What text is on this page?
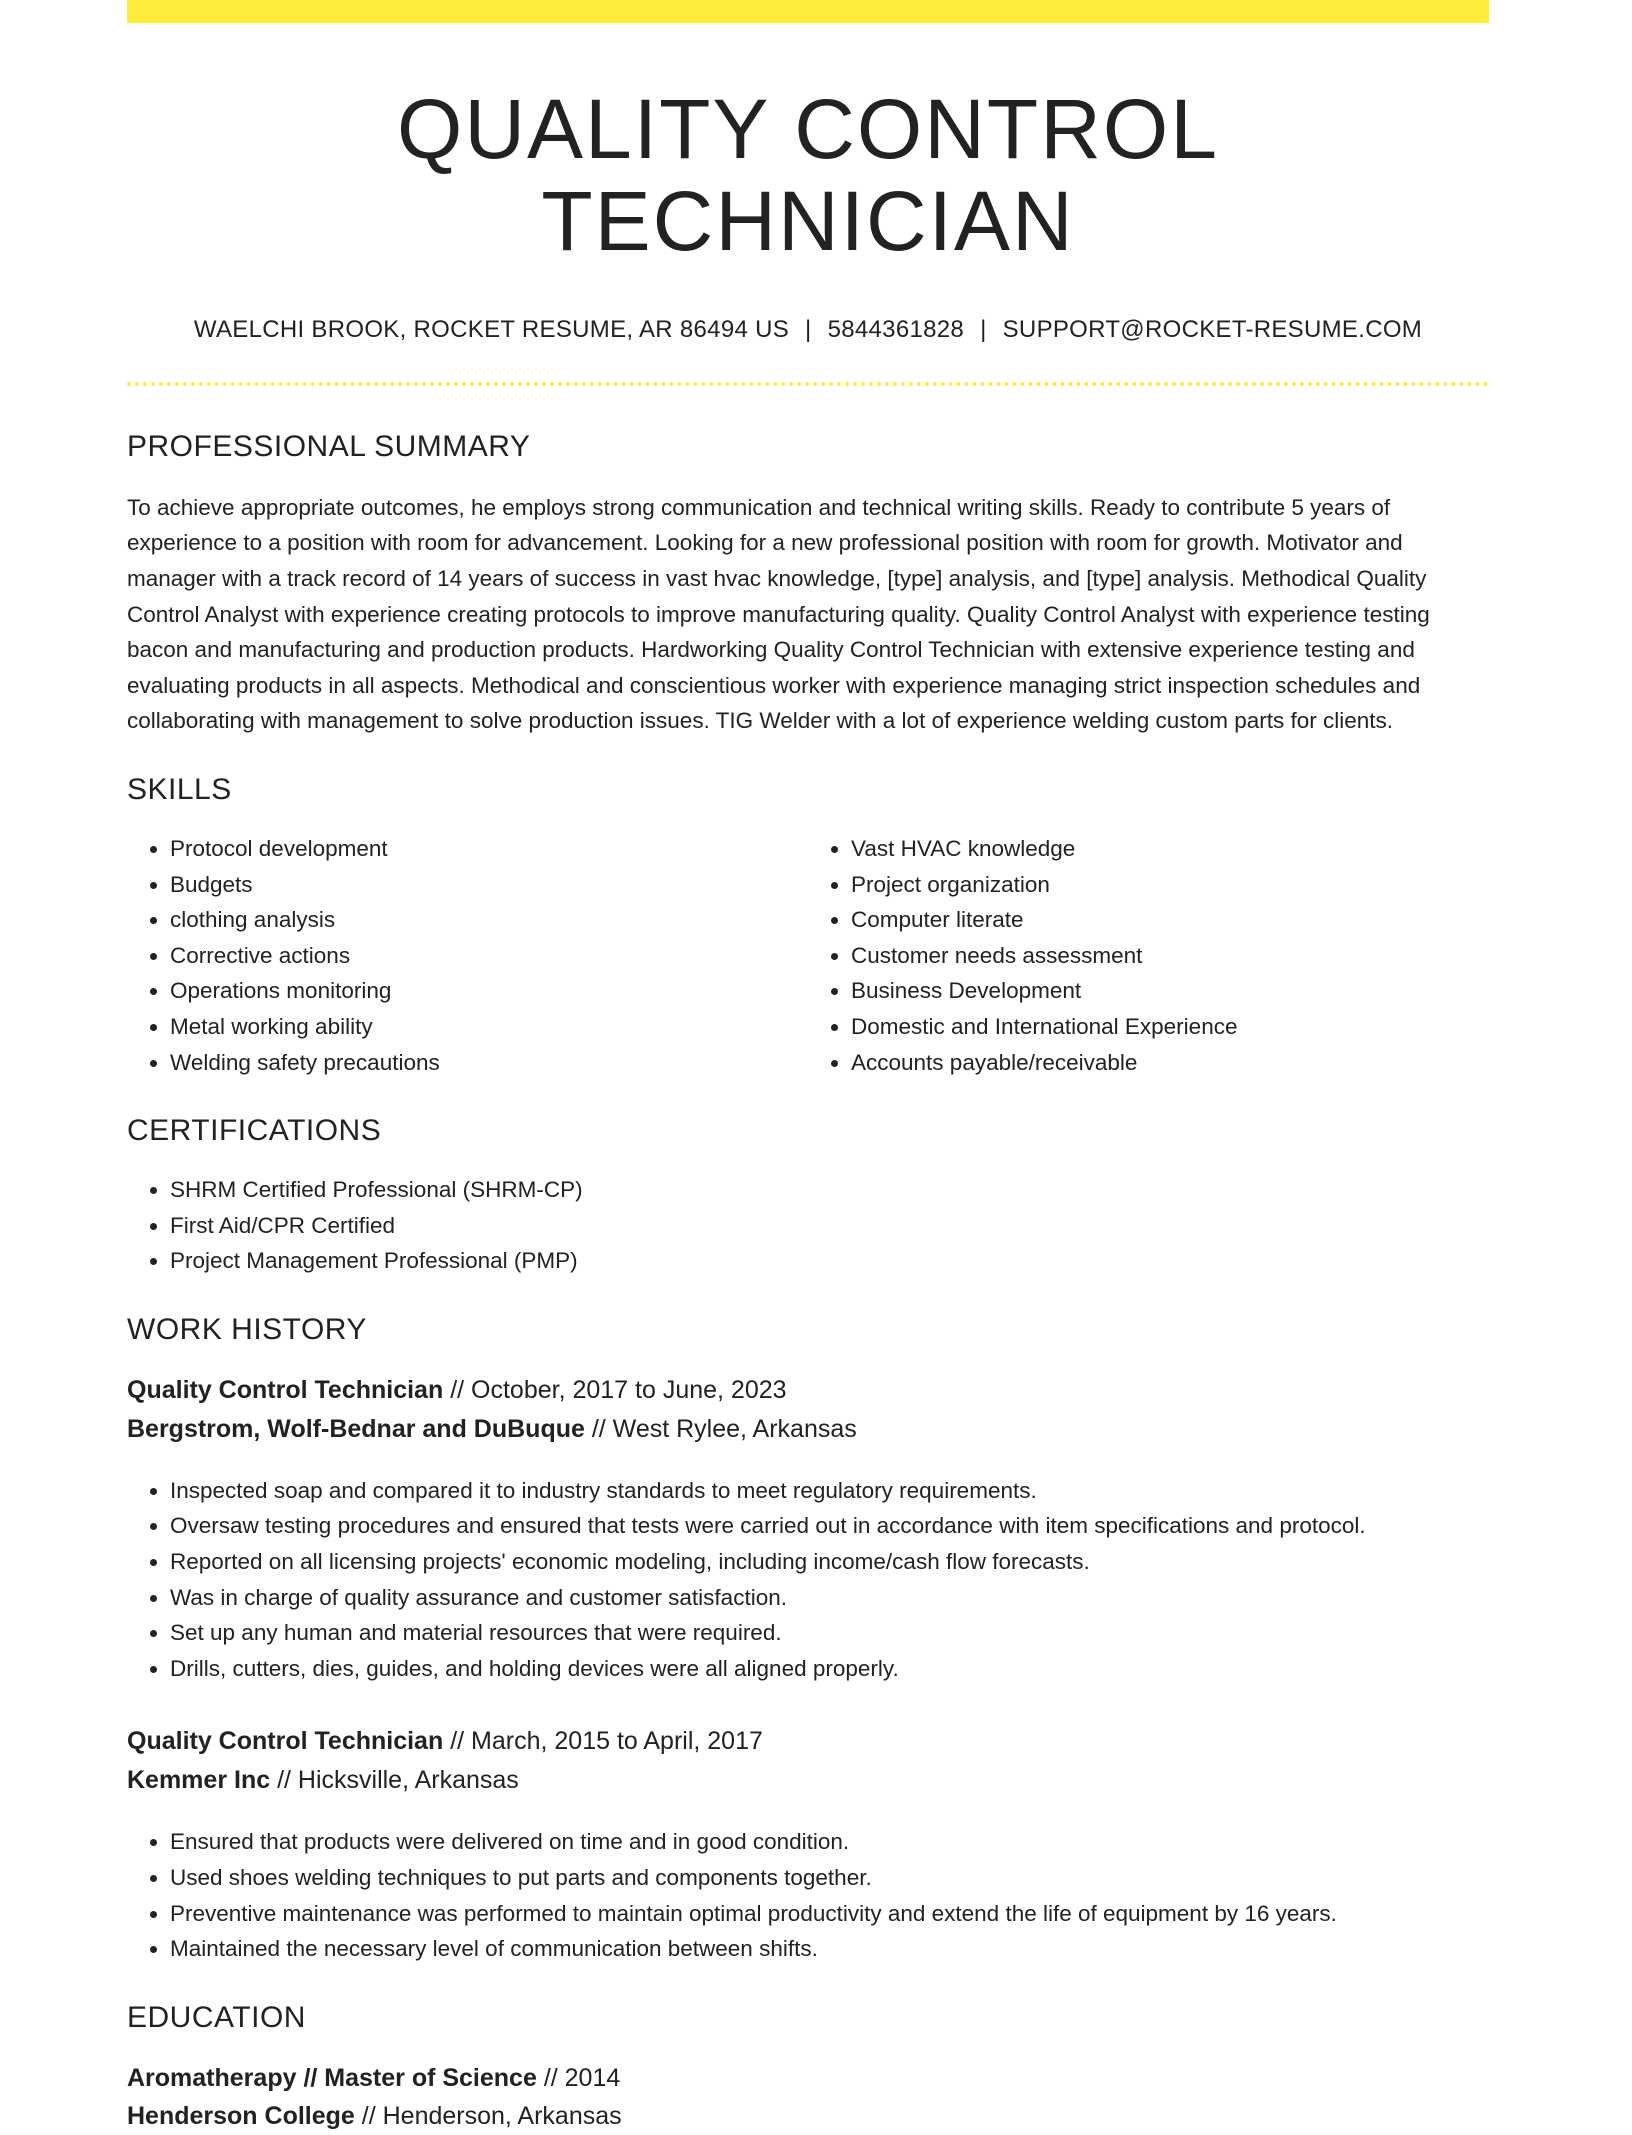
QUALITY CONTROL TECHNICIAN
WAELCHI BROOK, ROCKET RESUME, AR 86494 US | 5844361828 | SUPPORT@ROCKET-RESUME.COM
PROFESSIONAL SUMMARY
To achieve appropriate outcomes, he employs strong communication and technical writing skills. Ready to contribute 5 years of experience to a position with room for advancement. Looking for a new professional position with room for growth. Motivator and manager with a track record of 14 years of success in vast hvac knowledge, [type] analysis, and [type] analysis. Methodical Quality Control Analyst with experience creating protocols to improve manufacturing quality. Quality Control Analyst with experience testing bacon and manufacturing and production products. Hardworking Quality Control Technician with extensive experience testing and evaluating products in all aspects. Methodical and conscientious worker with experience managing strict inspection schedules and collaborating with management to solve production issues. TIG Welder with a lot of experience welding custom parts for clients.
SKILLS
• Protocol development
• Budgets
• clothing analysis
• Corrective actions
• Operations monitoring
• Metal working ability
• Welding safety precautions
• Vast HVAC knowledge
• Project organization
• Computer literate
• Customer needs assessment
• Business Development
• Domestic and International Experience
• Accounts payable/receivable
CERTIFICATIONS
• SHRM Certified Professional (SHRM-CP)
• First Aid/CPR Certified
• Project Management Professional (PMP)
WORK HISTORY
Quality Control Technician // October, 2017 to June, 2023
Bergstrom, Wolf-Bednar and DuBuque // West Rylee, Arkansas
• Inspected soap and compared it to industry standards to meet regulatory requirements.
• Oversaw testing procedures and ensured that tests were carried out in accordance with item specifications and protocol.
• Reported on all licensing projects' economic modeling, including income/cash flow forecasts.
• Was in charge of quality assurance and customer satisfaction.
• Set up any human and material resources that were required.
• Drills, cutters, dies, guides, and holding devices were all aligned properly.
Quality Control Technician // March, 2015 to April, 2017
Kemmer Inc // Hicksville, Arkansas
• Ensured that products were delivered on time and in good condition.
• Used shoes welding techniques to put parts and components together.
• Preventive maintenance was performed to maintain optimal productivity and extend the life of equipment by 16 years.
• Maintained the necessary level of communication between shifts.
EDUCATION
Aromatherapy // Master of Science // 2014
Henderson College // Henderson, Arkansas
